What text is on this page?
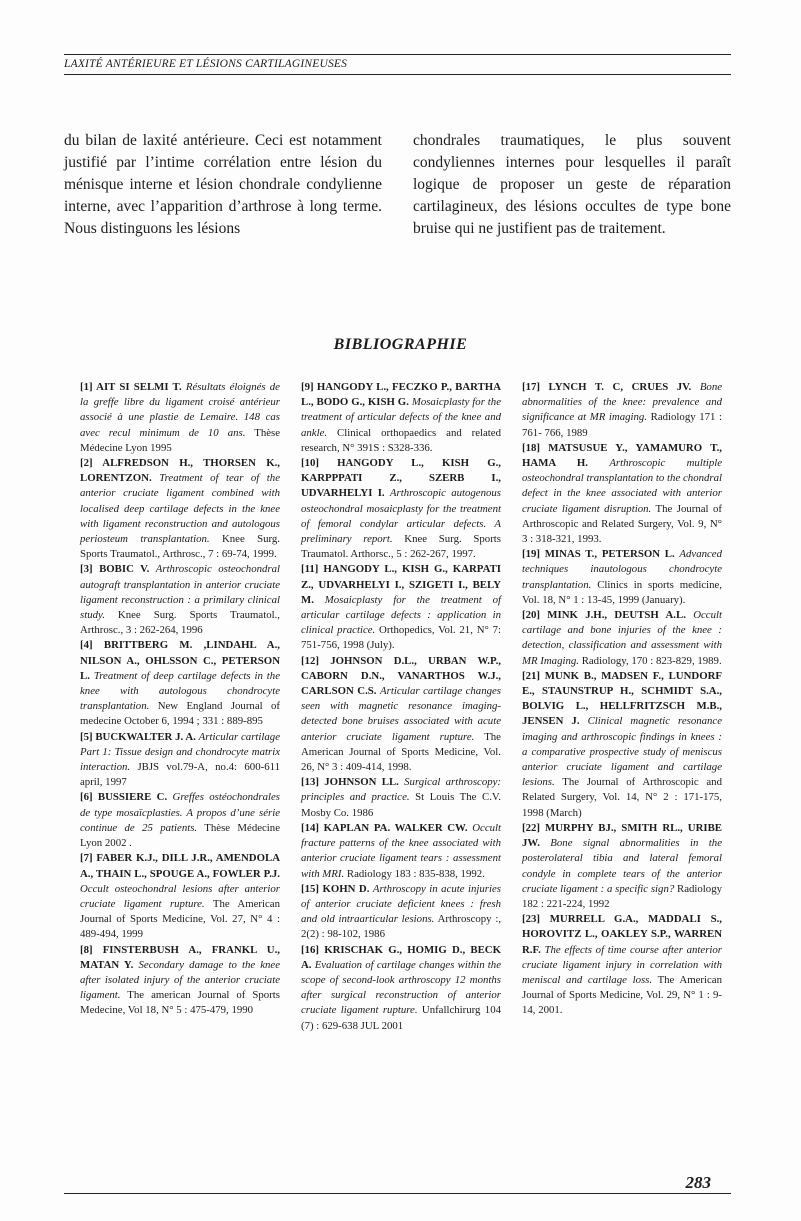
LAXITÉ ANTÉRIEURE ET LÉSIONS CARTILAGINEUSES

du bilan de laxité antérieure. Ceci est notamment justifié par l’intime corrélation entre lésion du ménisque interne et lésion chondrale condylienne interne, avec l’apparition d’arthrose à long terme. Nous distinguons les lésions

chondrales traumatiques, le plus souvent condyliennes internes pour lesquelles il paraît logique de proposer un geste de réparation cartilagineux, des lésions occultes de type bone bruise qui ne justifient pas de traitement.

BIBLIOGRAPHIE

[1] AIT SI SELMI T. Résultats éloignés de la greffe libre du ligament croisé antérieur associé à une plastie de Lemaire. 148 cas avec recul minimum de 10 ans. Thèse Médecine Lyon 1995

[2] ALFREDSON H., THORSEN K., LORENTZON. Treatment of tear of the anterior cruciate ligament combined with localised deep cartilage defects in the knee with ligament reconstruction and autologous periosteum transplantation. Knee Surg. Sports Traumatol., Arthrosc., 7 : 69-74, 1999.

[3] BOBIC V. Arthroscopic osteochondral autograft transplantation in anterior cruciate ligament reconstruction : a primilary clinical study. Knee Surg. Sports Traumatol., Arthrosc., 3 : 262-264, 1996

[4] BRITTBERG M. ,LINDAHL A., NILSON A., OHLSSON C., PETERSON L. Treatment of deep cartilage defects in the knee with autologous chondrocyte transplantation. New England Journal of medecine October 6, 1994 ; 331 : 889-895

[5] BUCKWALTER J. A. Articular cartilage Part 1: Tissue design and chondrocyte matrix interaction. JBJS vol.79-A, no.4: 600-611 april, 1997

[6] BUSSIERE C. Greffes ostéochondrales de type mosaïcplasties. A propos d’une série continue de 25 patients. Thèse Médecine Lyon 2002 .

[7] FABER K.J., DILL J.R., AMENDOLA A., THAIN L., SPOUGE A., FOWLER P.J. Occult osteochondral lesions after anterior cruciate ligament rupture. The American Journal of Sports Medicine, Vol. 27, N° 4 : 489-494, 1999

[8] FINSTERBUSH A., FRANKL U., MATAN Y. Secondary damage to the knee after isolated injury of the anterior cruciate ligament. The american Journal of Sports Medecine, Vol 18, N° 5 : 475-479, 1990

[9] HANGODY L., FECZKO P., BARTHA L., BODO G., KISH G. Mosaicplasty for the treatment of articular defects of the knee and ankle. Clinical orthopaedics and related research, N° 391S : S328-336.

[10] HANGODY L., KISH G., KARPPPATI Z., SZERB I., UDVARHELYI I. Arthroscopic autogenous osteochondral mosaicplasty for the treatment of femoral condylar articular defects. A preliminary report. Knee Surg. Sports Traumatol. Arthorsc., 5 : 262-267, 1997.

[11] HANGODY L., KISH G., KARPATI Z., UDVARHELYI I., SZIGETI I., BELY M. Mosaicplasty for the treatment of articular cartilage defects : application in clinical practice. Orthopedics, Vol. 21, N° 7: 751-756, 1998 (July).

[12] JOHNSON D.L., URBAN W.P., CABORN D.N., VANARTHOS W.J., CARLSON C.S. Articular cartilage changes seen with magnetic resonance imaging-detected bone bruises associated with acute anterior cruciate ligament rupture. The American Journal of Sports Medicine, Vol. 26, N° 3 : 409-414, 1998.

[13] JOHNSON LL. Surgical arthroscopy: principles and practice. St Louis The C.V. Mosby Co. 1986

[14] KAPLAN PA. WALKER CW. Occult fracture patterns of the knee associated with anterior cruciate ligament tears : assessment with MRI. Radiology 183 : 835-838, 1992.

[15] KOHN D. Arthroscopy in acute injuries of anterior cruciate deficient knees : fresh and old intraarticular lesions. Arthroscopy :, 2(2) : 98-102, 1986

[16] KRISCHAK G., HOMIG D., BECK A. Evaluation of cartilage changes within the scope of second-look arthroscopy 12 months after surgical reconstruction of anterior cruciate ligament rupture. Unfallchirurg 104 (7) : 629-638 JUL 2001

[17] LYNCH T. C, CRUES JV. Bone abnormalities of the knee: prevalence and significance at MR imaging. Radiology 171 : 761- 766, 1989

[18] MATSUSUE Y., YAMAMURO T., HAMA H. Arthroscopic multiple osteochondral transplantation to the chondral defect in the knee associated with anterior cruciate ligament disruption. The Journal of Arthroscopic and Related Surgery, Vol. 9, N° 3 : 318-321, 1993.

[19] MINAS T., PETERSON L. Advanced techniques inautologous chondrocyte transplantation. Clinics in sports medicine, Vol. 18, N° 1 : 13-45, 1999 (January).

[20] MINK J.H., DEUTSH A.L. Occult cartilage and bone injuries of the knee : detection, classification and assessment with MR Imaging. Radiology, 170 : 823-829, 1989.

[21] MUNK B., MADSEN F., LUNDORF E., STAUNSTRUP H., SCHMIDT S.A., BOLVIG L., HELLFRITZSCH M.B., JENSEN J. Clinical magnetic resonance imaging and arthroscopic findings in knees : a comparative prospective study of meniscus anterior cruciate ligament and cartilage lesions. The Journal of Arthroscopic and Related Surgery, Vol. 14, N° 2 : 171-175, 1998 (March)

[22] MURPHY BJ., SMITH RL., URIBE JW. Bone signal abnormalities in the posterolateral tibia and lateral femoral condyle in complete tears of the anterior cruciate ligament : a specific sign? Radiology 182 : 221-224, 1992

[23] MURRELL G.A., MADDALI S., HOROVITZ L., OAKLEY S.P., WARREN R.F. The effects of time course after anterior cruciate ligament injury in correlation with meniscal and cartilage loss. The American Journal of Sports Medicine, Vol. 29, N° 1 : 9-14, 2001.

283
